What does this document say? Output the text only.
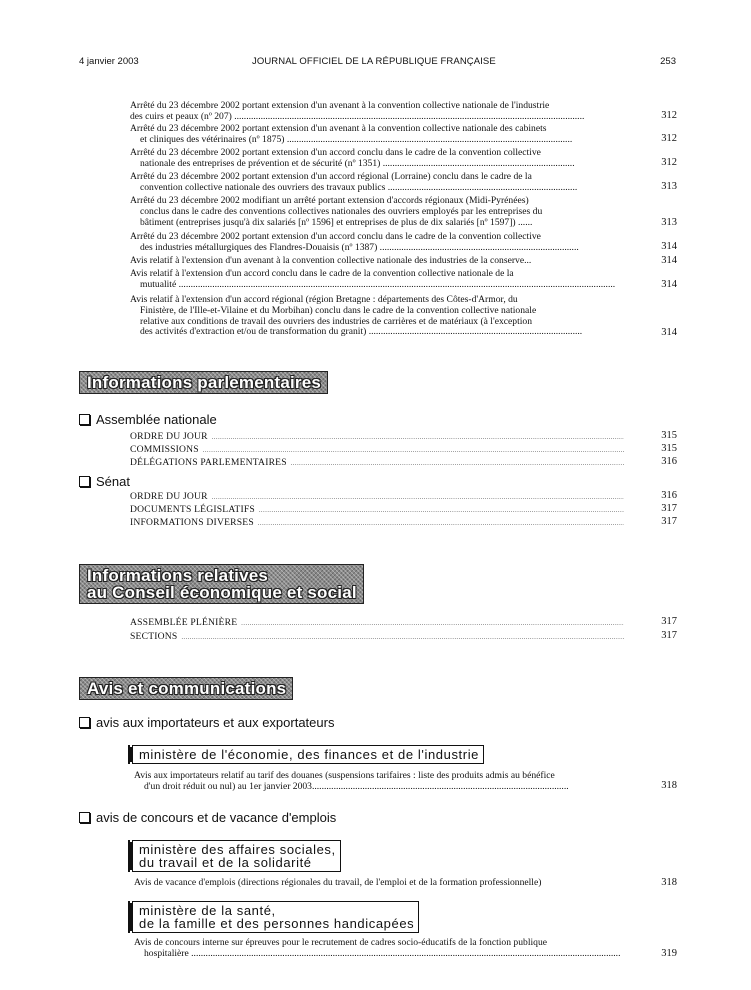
4 janvier 2003	JOURNAL OFFICIEL DE LA RÉPUBLIQUE FRANÇAISE	253
Arrêté du 23 décembre 2002 portant extension d'un avenant à la convention collective nationale de l'industrie
des cuirs et peaux (nº 207) ..................................................................................................................................................	312
Arrêté du 23 décembre 2002 portant extension d'un avenant à la convention collective nationale des cabinets
et cliniques des vétérinaires (nº 1875) .......................................................................................................................	312
Arrêté du 23 décembre 2002 portant extension d'un accord conclu dans le cadre de la convention collective
nationale des entreprises de prévention et de sécurité (nº 1351) ................................................................................	312
Arrêté du 23 décembre 2002 portant extension d'un accord régional (Lorraine) conclu dans le cadre de la
convention collective nationale des ouvriers des travaux publics ...............................................................................	313
Arrêté du 23 décembre 2002 modifiant un arrêté portant extension d'accords régionaux (Midi-Pyrénées)
conclus dans le cadre des conventions collectives nationales des ouvriers employés par les entreprises du
bâtiment (entreprises jusqu'à dix salariés [nº 1596] et entreprises de plus de dix salariés [nº 1597]) ......	313
Arrêté du 23 décembre 2002 portant extension d'un accord conclu dans le cadre de la convention collective
des industries métallurgiques des Flandres-Douaisis (nº 1387) ...................................................................................	314
Avis relatif à l'extension d'un avenant à la convention collective nationale des industries de la conserve...	314
Avis relatif à l'extension d'un accord conclu dans le cadre de la convention collective nationale de la
mutualité ......................................................................................................................................................................................	314
Avis relatif à l'extension d'un accord régional (région Bretagne : départements des Côtes-d'Armor, du
Finistère, de l'Ille-et-Vilaine et du Morbihan) conclu dans le cadre de la convention collective nationale
relative aux conditions de travail des ouvriers des industries de carrières et de matériaux (à l'exception
des activités d'extraction et/ou de transformation du granit) .........................................................................................	314
Informations parlementaires
Assemblée nationale
ORDRE DU JOUR .....	315
COMMISSIONS .....	315
DÉLÉGATIONS PARLEMENTAIRES .....	316
Sénat
ORDRE DU JOUR .....	316
DOCUMENTS LÉGISLATIFS .....	317
INFORMATIONS DIVERSES .....	317
Informations relatives
au Conseil économique et social
ASSEMBLÉE PLÉNIÈRE .....	317
SECTIONS .....	317
Avis et communications
avis aux importateurs et aux exportateurs
ministère de l'économie, des finances et de l'industrie
Avis aux importateurs relatif au tarif des douanes (suspensions tarifaires : liste des produits admis au bénéfice
d'un droit réduit ou nul) au 1er janvier 2003...........................................................................................................	318
avis de concours et de vacance d'emplois
ministère des affaires sociales,
du travail et de la solidarité
Avis de vacance d'emplois (directions régionales du travail, de l'emploi et de la formation professionnelle)	318
ministère de la santé,
de la famille et des personnes handicapées
Avis de concours interne sur épreuves pour le recrutement de cadres socio-éducatifs de la fonction publique
hospitalière ...................................................................................................................................................................................	319
